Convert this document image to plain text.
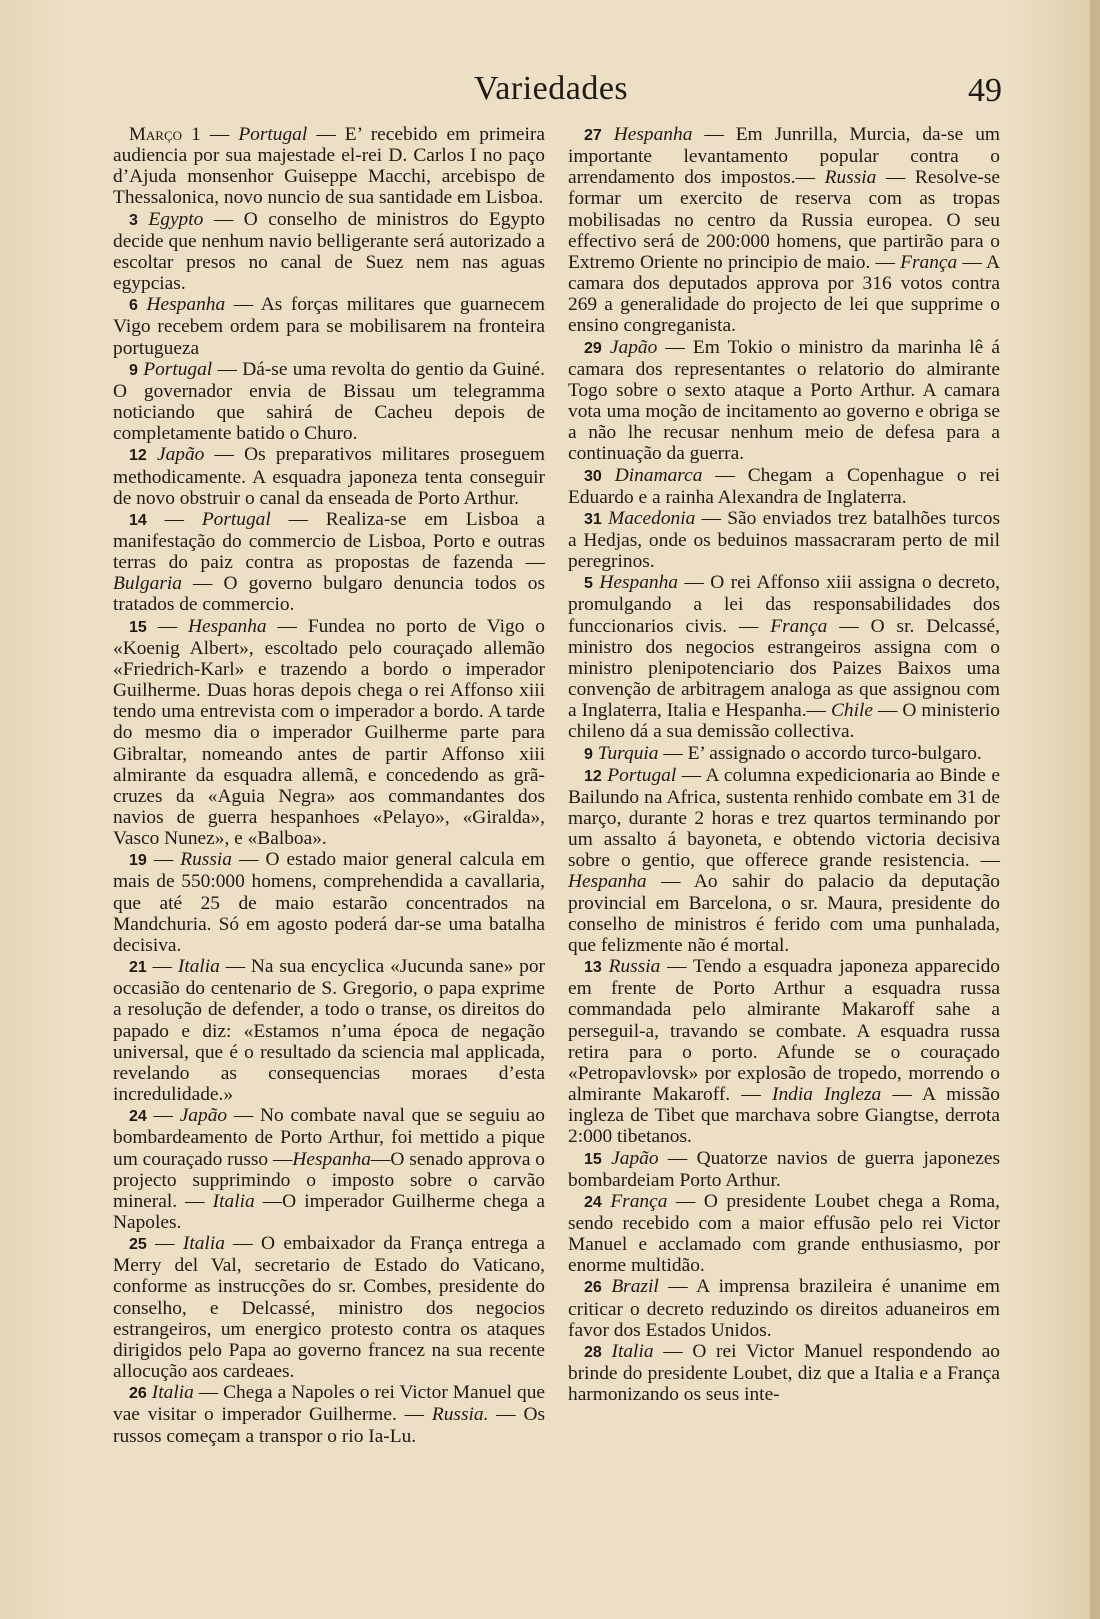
Variedades	49

Março 1 — Portugal — E’ recebido em primeira audiencia por sua majestade el-rei D. Carlos I no paço d’Ajuda monsenhor Guiseppe Macchi, arcebispo de Thessalonica, novo nuncio de sua santidade em Lisboa.

3 Egypto — O conselho de ministros do Egypto decide que nenhum navio belligerante será autorizado a escoltar presos no canal de Suez nem nas aguas egypcias.

6 Hespanha — As forças militares que guarnecem Vigo recebem ordem para se mobilisarem na fronteira portugueza

9 Portugal — Dá-se uma revolta do gentio da Guiné. O governador envia de Bissau um telegramma noticiando que sahirá de Cacheu depois de completamente batido o Churo.

12 Japão — Os preparativos militares proseguem methodicamente. A esquadra japoneza tenta conseguir de novo obstruir o canal da enseada de Porto Arthur.

14 — Portugal — Realiza-se em Lisboa a manifestação do commercio de Lisboa, Porto e outras terras do paiz contra as propostas de fazenda — Bulgaria — O governo bulgaro denuncia todos os tratados de commercio.

15 — Hespanha — Fundea no porto de Vigo o «Koenig Albert», escoltado pelo couraçado allemão «Friedrich-Karl» e trazendo a bordo o imperador Guilherme. Duas horas depois chega o rei Affonso xiii tendo uma entrevista com o imperador a bordo. A tarde do mesmo dia o imperador Guilherme parte para Gibraltar, nomeando antes de partir Affonso xiii almirante da esquadra allemã, e concedendo as grã-cruzes da «Aguia Negra» aos commandantes dos navios de guerra hespanhoes «Pelayo», «Giralda», Vasco Nunez», e «Balboa».

19 — Russia — O estado maior general calcula em mais de 550:000 homens, comprehendida a cavallaria, que até 25 de maio estarão concentrados na Mandchuria. Só em agosto poderá dar-se uma batalha decisiva.

21 — Italia — Na sua encyclica «Jucunda sane» por occasião do centenario de S. Gregorio, o papa exprime a resolução de defender, a todo o transe, os direitos do papado e diz: «Estamos n’uma época de negação universal, que é o resultado da sciencia mal applicada, revelando as consequencias moraes d’esta incredulidade.»

24 — Japão — No combate naval que se seguiu ao bombardeamento de Porto Arthur, foi mettido a pique um couraçado russo —Hespanha—O senado approva o projecto supprimindo o imposto sobre o carvão mineral. — Italia —O imperador Guilherme chega a Napoles.

25 — Italia — O embaixador da França entrega a Merry del Val, secretario de Estado do Vaticano, conforme as instrucções do sr. Combes, presidente do conselho, e Delcassé, ministro dos negocios estrangeiros, um energico protesto contra os ataques dirigidos pelo Papa ao governo francez na sua recente allocução aos cardeaes.

26 Italia — Chega a Napoles o rei Victor Manuel que vae visitar o imperador Guilherme. — Russia. — Os russos começam a transpor o rio Ia-Lu.

27 Hespanha — Em Junrilla, Murcia, da-se um importante levantamento popular contra o arrendamento dos impostos.— Russia — Resolve-se formar um exercito de reserva com as tropas mobilisadas no centro da Russia europea. O seu effectivo será de 200:000 homens, que partirão para o Extremo Oriente no principio de maio. — França — A camara dos deputados approva por 316 votos contra 269 a generalidade do projecto de lei que supprime o ensino congreganista.

29 Japão — Em Tokio o ministro da marinha lê á camara dos representantes o relatorio do almirante Togo sobre o sexto ataque a Porto Arthur. A camara vota uma moção de incitamento ao governo e obriga se a não lhe recusar nenhum meio de defesa para a continuação da guerra.

30 Dinamarca — Chegam a Copenhague o rei Eduardo e a rainha Alexandra de Inglaterra.

31 Macedonia — São enviados trez batalhões turcos a Hedjas, onde os beduinos massacraram perto de mil peregrinos.

5 Hespanha — O rei Affonso xiii assigna o decreto, promulgando a lei das responsabilidades dos funccionarios civis. — França — O sr. Delcassé, ministro dos negocios estrangeiros assigna com o ministro plenipotenciario dos Paizes Baixos uma convenção de arbitragem analoga as que assignou com a Inglaterra, Italia e Hespanha.— Chile — O ministerio chileno dá a sua demissão collectiva.

9 Turquia — E’ assignado o accordo turco-bulgaro.

12 Portugal — A columna expedicionaria ao Binde e Bailundo na Africa, sustenta renhido combate em 31 de março, durante 2 horas e trez quartos terminando por um assalto á bayoneta, e obtendo victoria decisiva sobre o gentio, que offerece grande resistencia. — Hespanha — Ao sahir do palacio da deputação provincial em Barcelona, o sr. Maura, presidente do conselho de ministros é ferido com uma punhalada, que felizmente não é mortal.

13 Russia — Tendo a esquadra japoneza apparecido em frente de Porto Arthur a esquadra russa commandada pelo almirante Makaroff sahe a perseguil-a, travando se combate. A esquadra russa retira para o porto. Afunde se o couraçado «Petropavlovsk» por explosão de tropedo, morrendo o almirante Makaroff. — India Ingleza — A missão ingleza de Tibet que marchava sobre Giangtse, derrota 2:000 tibetanos.

15 Japão — Quatorze navios de guerra japonezes bombardeiam Porto Arthur.

24 França — O presidente Loubet chega a Roma, sendo recebido com a maior effusão pelo rei Victor Manuel e acclamado com grande enthusiasmo, por enorme multidão.

26 Brazil — A imprensa brazileira é unanime em criticar o decreto reduzindo os direitos aduaneiros em favor dos Estados Unidos.

28 Italia — O rei Victor Manuel respondendo ao brinde do presidente Loubet, diz que a Italia e a França harmonizando os seus inte-
